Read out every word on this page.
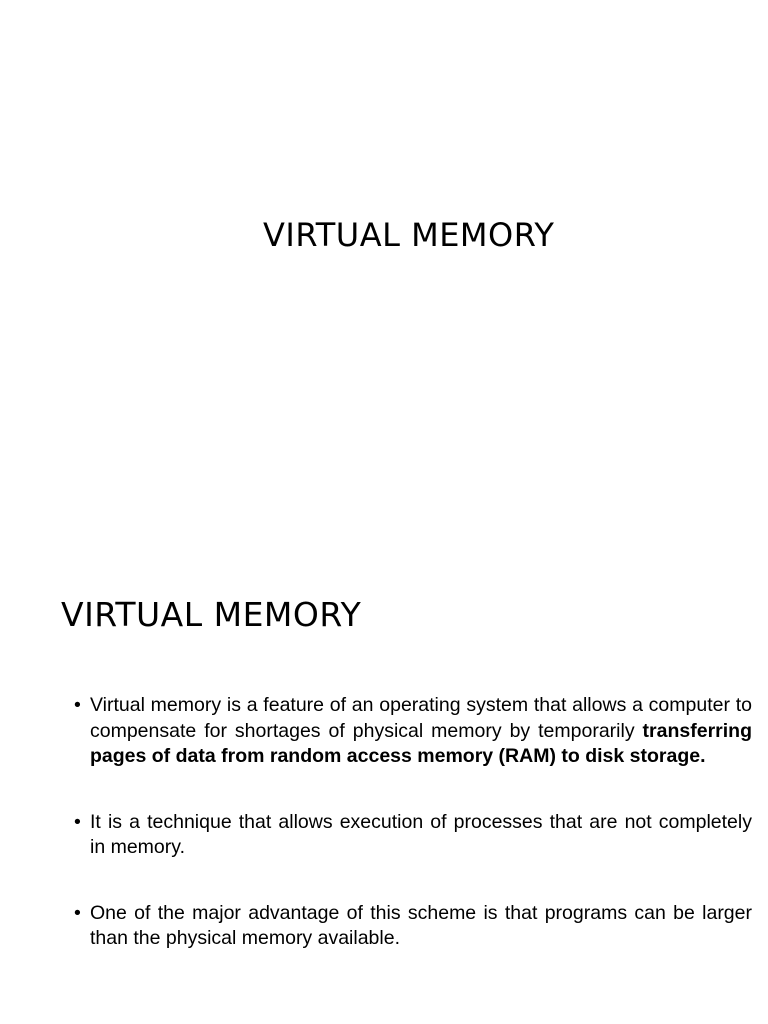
VIRTUAL MEMORY
VIRTUAL MEMORY
• Virtual memory is a feature of an operating system that allows a computer to compensate for shortages of physical memory by temporarily transferring pages of data from random access memory (RAM) to disk storage.
• It is a technique that allows execution of processes that are not completely in memory.
• One of the major advantage of this scheme is that programs can be larger than the physical memory available.
